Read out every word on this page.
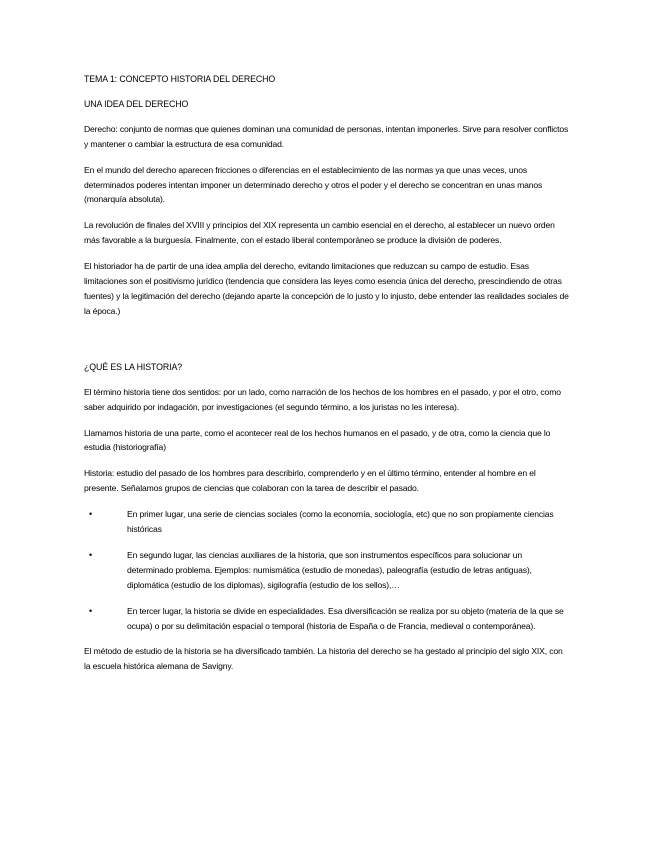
TEMA 1: CONCEPTO HISTORIA DEL DERECHO
UNA IDEA DEL DERECHO

Derecho: conjunto de normas que quienes dominan una comunidad de personas, intentan imponerles. Sirve para resolver conflictos y mantener o cambiar la estructura de esa comunidad.

En el mundo del derecho aparecen fricciones o diferencias en el establecimiento de las normas ya que unas veces, unos determinados poderes intentan imponer un determinado derecho y otros el poder y el derecho se concentran en unas manos (monarquía absoluta).

La revolución de finales del XVIII y principios del XIX representa un cambio esencial en el derecho, al establecer un nuevo orden más favorable a la burguesía. Finalmente, con el estado liberal contemporáneo se produce la división de poderes.

El historiador ha de partir de una idea amplia del derecho, evitando limitaciones que reduzcan su campo de estudio. Esas limitaciones son el positivismo jurídico (tendencia que considera las leyes como esencia única del derecho, prescindiendo de otras fuentes) y la legitimación del derecho (dejando aparte la concepción de lo justo y lo injusto, debe entender las realidades sociales de la época.)

¿QUÉ ES LA HISTORIA?

El término historia tiene dos sentidos: por un lado, como narración de los hechos de los hombres en el pasado, y por el otro, como saber adquirido por indagación, por investigaciones (el segundo término, a los juristas no les interesa).

Llamamos historia de una parte, como el acontecer real de los hechos humanos en el pasado, y de otra, como la ciencia que lo estudia (historiografía)

Historia: estudio del pasado de los hombres para describirlo, comprenderlo y en el último término, entender al hombre en el presente. Señalamos grupos de ciencias que colaboran con la tarea de describir el pasado.

•	En primer lugar, una serie de ciencias sociales (como la economía, sociología, etc) que no son propiamente ciencias históricas
•	En segundo lugar, las ciencias auxiliares de la historia, que son instrumentos específicos para solucionar un determinado problema. Ejemplos: numismática (estudio de monedas), paleografía (estudio de letras antiguas), diplomática (estudio de los diplomas), sigilografía (estudio de los sellos),…
•	En tercer lugar, la historia se divide en especialidades. Esa diversificación se realiza por su objeto (materia de la que se ocupa) o por su delimitación espacial o temporal (historia de España o de Francia, medieval o contemporánea).

El método de estudio de la historia se ha diversificado también. La historia del derecho se ha gestado al principio del siglo XIX, con la escuela histórica alemana de Savigny.
